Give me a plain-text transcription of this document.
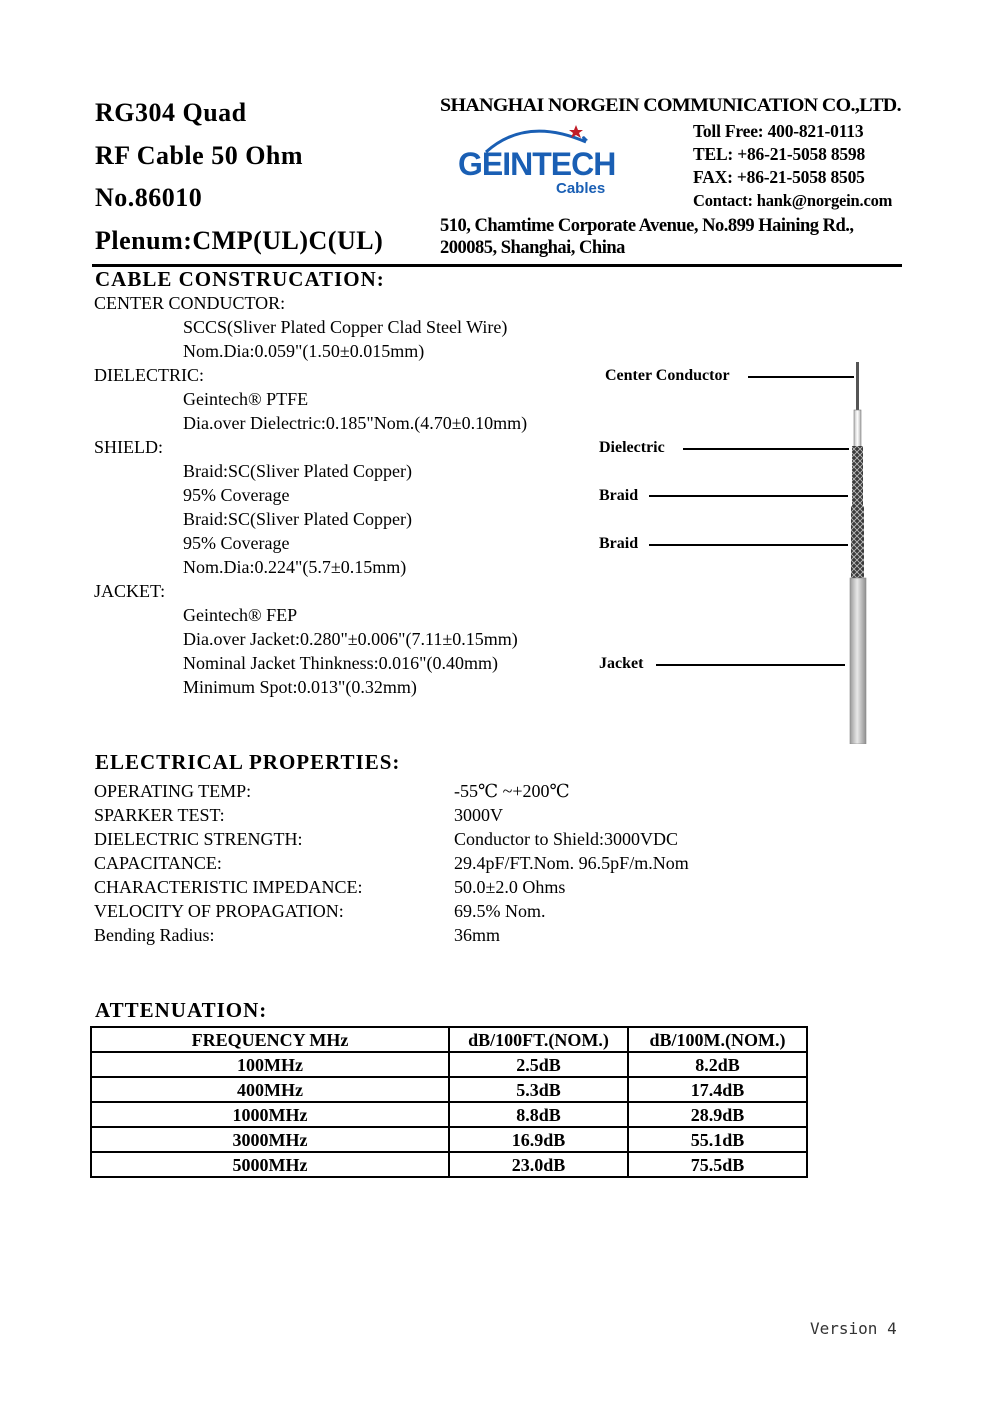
RG304 Quad
RF Cable 50 Ohm
No.86010
Plenum:CMP(UL)C(UL)
SHANGHAI NORGEIN COMMUNICATION CO.,LTD.
GEINTECH
Cables
Toll Free: 400-821-0113
TEL: +86-21-5058 8598
FAX: +86-21-5058 8505
Contact: hank@norgein.com
510, Chamtime Corporate Avenue, No.899 Haining Rd.,
200085, Shanghai, China
CABLE CONSTRUCATION:
CENTER CONDUCTOR:
SCCS(Sliver Plated Copper Clad Steel Wire)
Nom.Dia:0.059"(1.50±0.015mm)
DIELECTRIC:
Geintech® PTFE
Dia.over Dielectric:0.185"Nom.(4.70±0.10mm)
SHIELD:
Braid:SC(Sliver Plated Copper)
95% Coverage
Braid:SC(Sliver Plated Copper)
95% Coverage
Nom.Dia:0.224"(5.7±0.15mm)
JACKET:
Geintech® FEP
Dia.over Jacket:0.280"±0.006"(7.11±0.15mm)
Nominal Jacket Thinkness:0.016"(0.40mm)
Minimum Spot:0.013"(0.32mm)
Center Conductor
Dielectric
Braid
Braid
Jacket
ELECTRICAL PROPERTIES:
OPERATING TEMP:	-55℃ ~+200℃
SPARKER TEST:	3000V
DIELECTRIC STRENGTH:	Conductor to Shield:3000VDC
CAPACITANCE:	29.4pF/FT.Nom. 96.5pF/m.Nom
CHARACTERISTIC IMPEDANCE:	50.0±2.0 Ohms
VELOCITY OF PROPAGATION:	69.5% Nom.
Bending Radius:	36mm
ATTENUATION:
FREQUENCY MHz	dB/100FT.(NOM.)	dB/100M.(NOM.)
100MHz	2.5dB	8.2dB
400MHz	5.3dB	17.4dB
1000MHz	8.8dB	28.9dB
3000MHz	16.9dB	55.1dB
5000MHz	23.0dB	75.5dB
Version 4
